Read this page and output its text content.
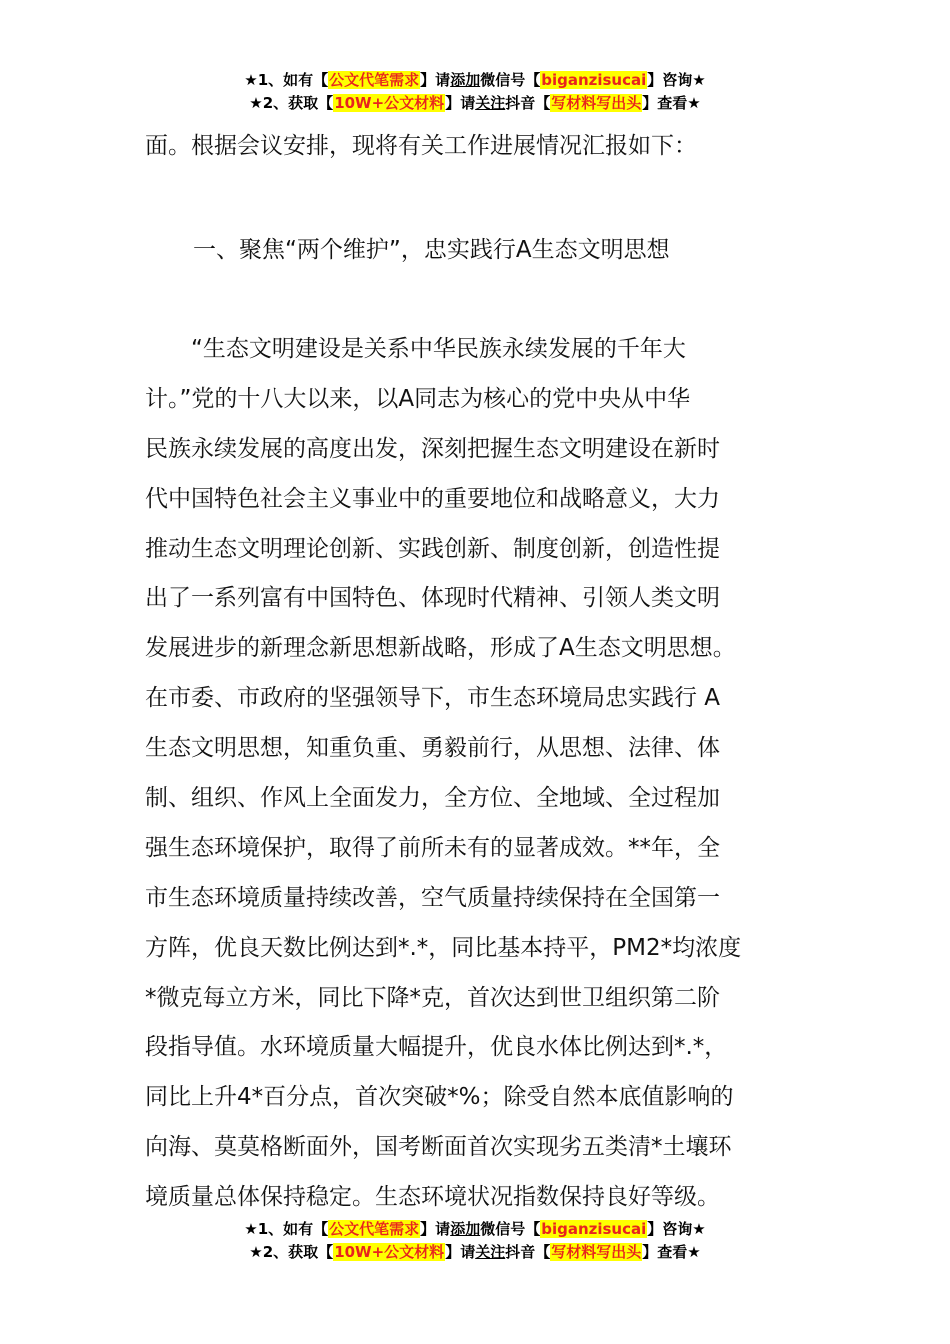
★1、如有【公文代笔需求】请添加微信号【biganzisucai】咨询★
★2、获取【10W+公文材料】请关注抖音【写材料写出头】查看★

面。根据会议安排，现将有关工作进展情况汇报如下：

一、聚焦“两个维护”，忠实践行A生态文明思想

　　“生态文明建设是关系中华民族永续发展的千年大
计。”党的十八大以来，以A同志为核心的党中央从中华
民族永续发展的高度出发，深刻把握生态文明建设在新时
代中国特色社会主义事业中的重要地位和战略意义，大力
推动生态文明理论创新、实践创新、制度创新，创造性提
出了一系列富有中国特色、体现时代精神、引领人类文明
发展进步的新理念新思想新战略，形成了A生态文明思想。
在市委、市政府的坚强领导下，市生态环境局忠实践行 A
生态文明思想，知重负重、勇毅前行，从思想、法律、体
制、组织、作风上全面发力，全方位、全地域、全过程加
强生态环境保护，取得了前所未有的显著成效。**年，全
市生态环境质量持续改善，空气质量持续保持在全国第一
方阵，优良天数比例达到*.*，同比基本持平，PM2*均浓度
*微克每立方米，同比下降*克，首次达到世卫组织第二阶
段指导值。水环境质量大幅提升，优良水体比例达到*.*，
同比上升4*百分点，首次突破*%；除受自然本底值影响的
向海、莫莫格断面外，国考断面首次实现劣五类清*土壤环
境质量总体保持稳定。生态环境状况指数保持良好等级。
★1、如有【公文代笔需求】请添加微信号【biganzisucai】咨询★
★2、获取【10W+公文材料】请关注抖音【写材料写出头】查看★
